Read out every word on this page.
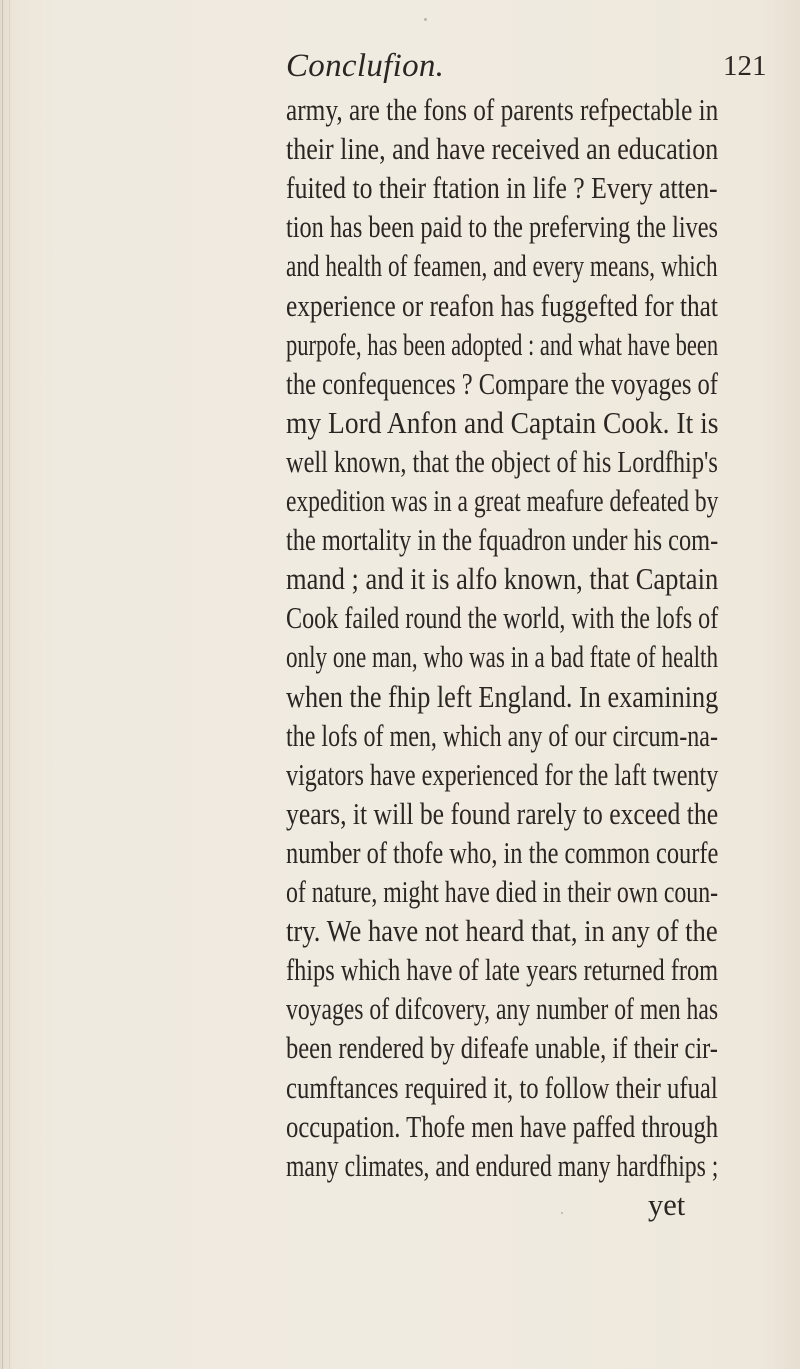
Conclufion.	121
army, are the fons of parents refpectable in
their line, and have received an education
fuited to their ftation in life ? Every atten-
tion has been paid to the preferving the lives
and health of feamen, and every means, which
experience or reafon has fuggefted for that
purpofe, has been adopted : and what have been
the confequences ? Compare the voyages of
my Lord Anfon and Captain Cook. It is
well known, that the object of his Lordfhip's
expedition was in a great meafure defeated by
the mortality in the fquadron under his com-
mand ; and it is alfo known, that Captain
Cook failed round the world, with the lofs of
only one man, who was in a bad ftate of health
when the fhip left England. In examining
the lofs of men, which any of our circum-na-
vigators have experienced for the laft twenty
years, it will be found rarely to exceed the
number of thofe who, in the common courfe
of nature, might have died in their own coun-
try. We have not heard that, in any of the
fhips which have of late years returned from
voyages of difcovery, any number of men has
been rendered by difeafe unable, if their cir-
cumftances required it, to follow their ufual
occupation. Thofe men have paffed through
many climates, and endured many hardfhips ;
yet
